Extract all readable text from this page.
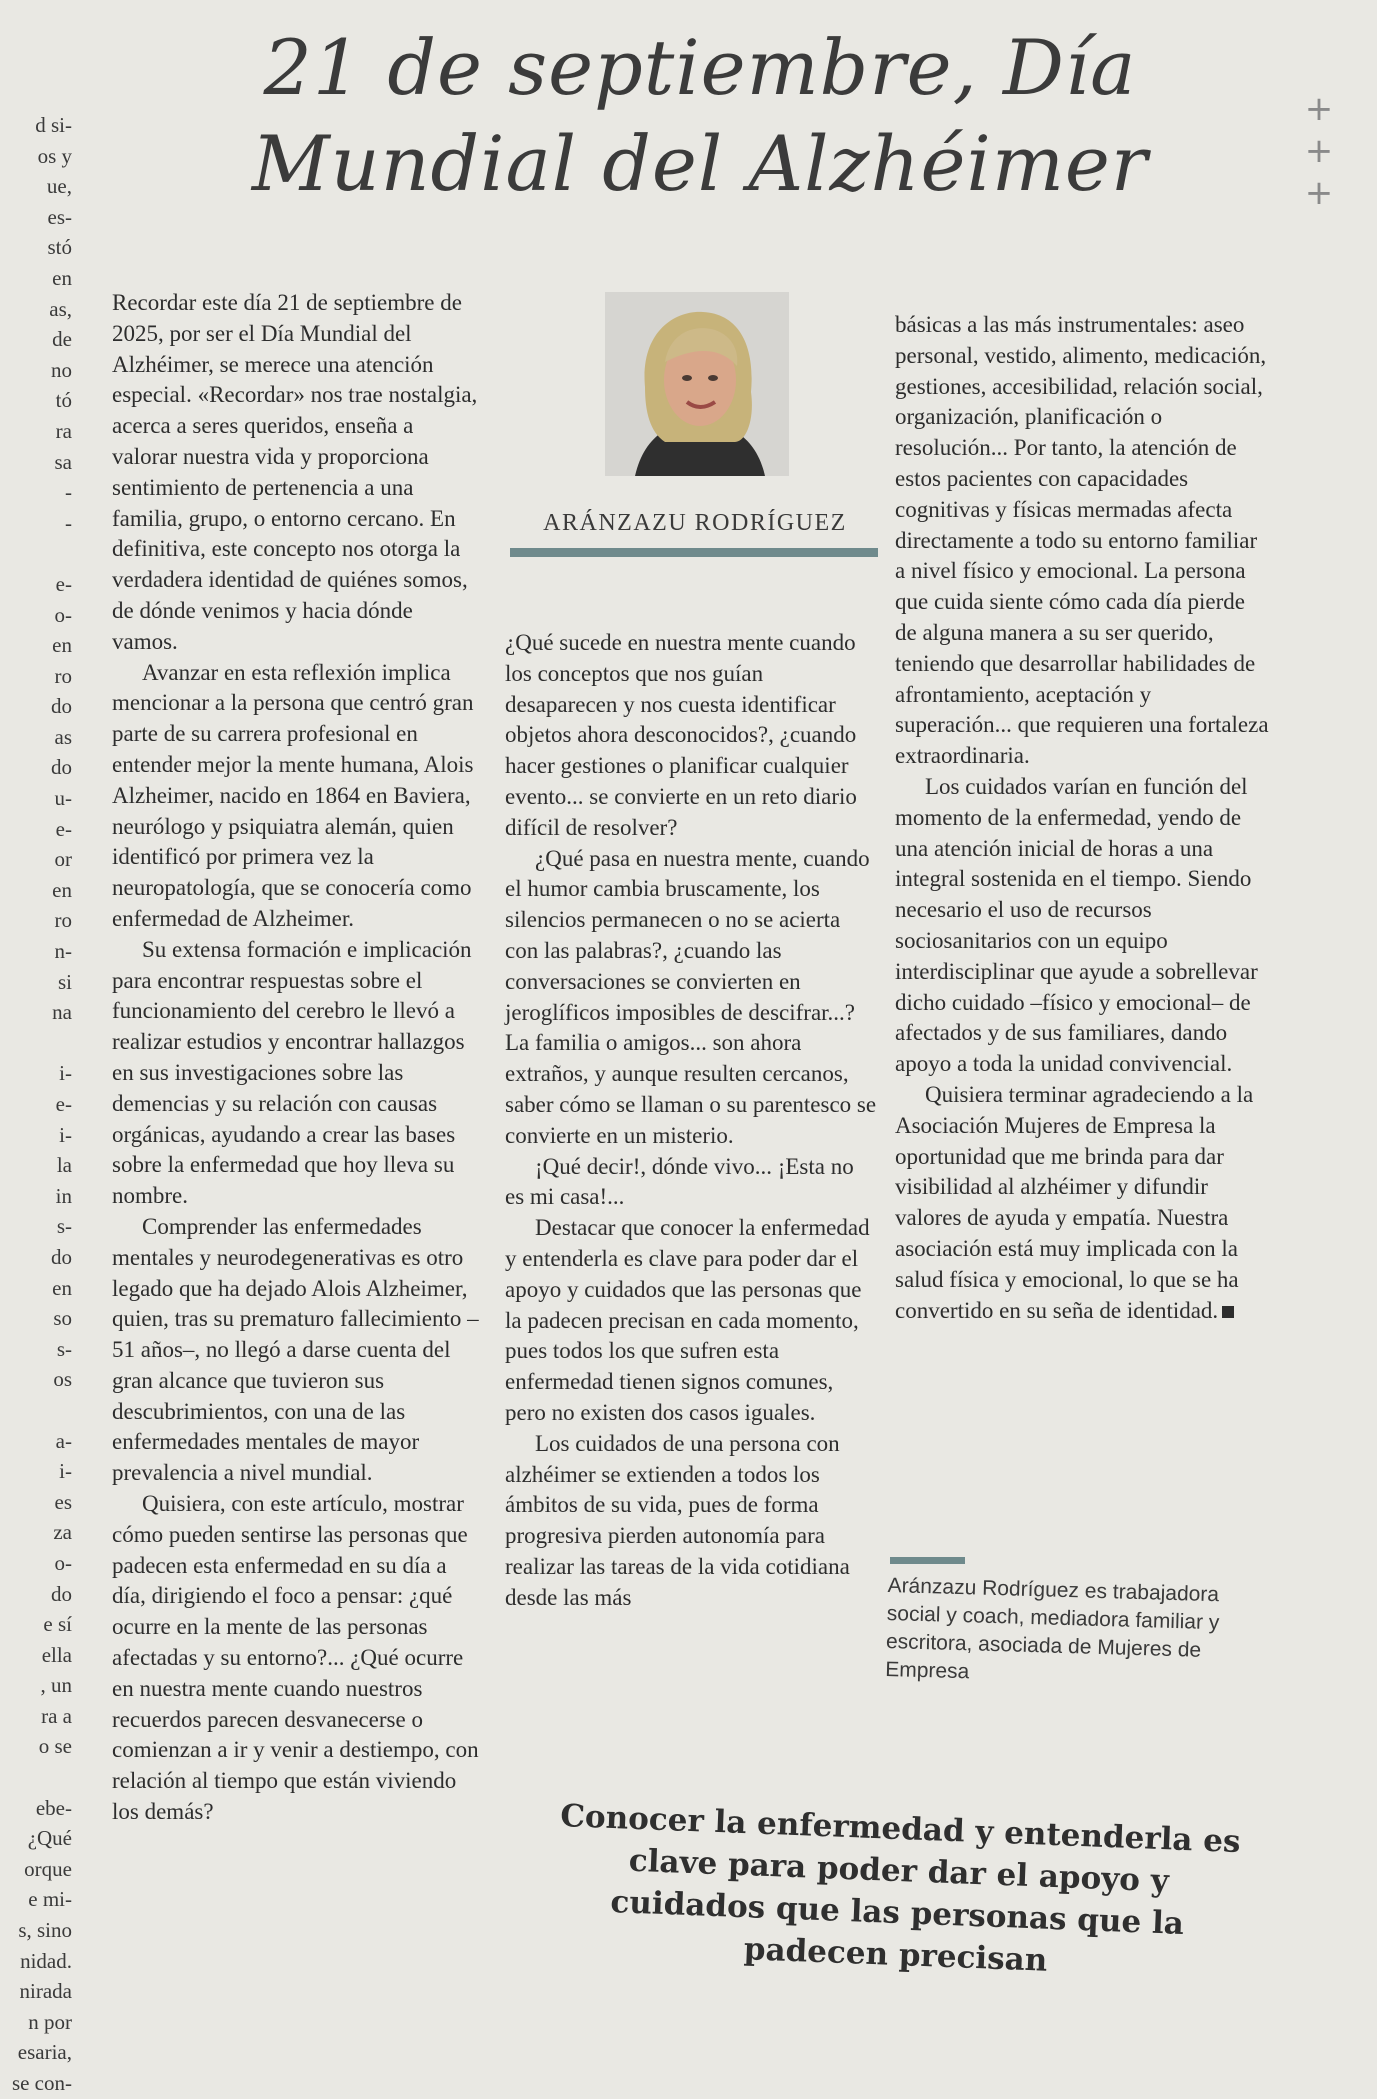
d si-
os y
ue,
es-
stó
en
as,
de
no
tó
ra
sa
-
-

e-
o-
en
ro
do
as
do
u-
e-
or
en
ro
n-
si
na

i-
e-
i-
la
in
s-
do
en
so
s-
os

a-
i-
es
za
o-
do
e sí
ella
, un
ra a
o se

ebe-
¿Qué
orque
e mi-
s, sino
nidad.
nirada
n por
esaria,
se con-
+
+
+
21 de septiembre, Día Mundial del Alzhéimer

Recordar este día 21 de septiembre de 2025, por ser el Día Mundial del Alzhéimer, se merece una atención especial. «Recordar» nos trae nostalgia, acerca a seres queridos, enseña a valorar nuestra vida y proporciona sentimiento de pertenencia a una familia, grupo, o entorno cercano. En definitiva, este concepto nos otorga la verdadera identidad de quiénes somos, de dónde venimos y hacia dónde vamos.

Avanzar en esta reflexión implica mencionar a la persona que centró gran parte de su carrera profesional en entender mejor la mente humana, Alois Alzheimer, nacido en 1864 en Baviera, neurólogo y psiquiatra alemán, quien identificó por primera vez la neuropatología, que se conocería como enfermedad de Alzheimer.

Su extensa formación e implicación para encontrar respuestas sobre el funcionamiento del cerebro le llevó a realizar estudios y encontrar hallazgos en sus investigaciones sobre las demencias y su relación con causas orgánicas, ayudando a crear las bases sobre la enfermedad que hoy lleva su nombre.

Comprender las enfermedades mentales y neurodegenerativas es otro legado que ha dejado Alois Alzheimer, quien, tras su prematuro fallecimiento –51 años–, no llegó a darse cuenta del gran alcance que tuvieron sus descubrimientos, con una de las enfermedades mentales de mayor prevalencia a nivel mundial.

Quisiera, con este artículo, mostrar cómo pueden sentirse las personas que padecen esta enfermedad en su día a día, dirigiendo el foco a pensar: ¿qué ocurre en la mente de las personas afectadas y su entorno?... ¿Qué ocurre en nuestra mente cuando nuestros recuerdos parecen desvanecerse o comienzan a ir y venir a destiempo, con relación al tiempo que están viviendo los demás?

ARÁNZAZU RODRÍGUEZ

¿Qué sucede en nuestra mente cuando los conceptos que nos guían desaparecen y nos cuesta identificar objetos ahora desconocidos?, ¿cuando hacer gestiones o planificar cualquier evento... se convierte en un reto diario difícil de resolver?

¿Qué pasa en nuestra mente, cuando el humor cambia bruscamente, los silencios permanecen o no se acierta con las palabras?, ¿cuando las conversaciones se convierten en jeroglíficos imposibles de descifrar...? La familia o amigos... son ahora extraños, y aunque resulten cercanos, saber cómo se llaman o su parentesco se convierte en un misterio.

¡Qué decir!, dónde vivo... ¡Esta no es mi casa!...

Destacar que conocer la enfermedad y entenderla es clave para poder dar el apoyo y cuidados que las personas que la padecen precisan en cada momento, pues todos los que sufren esta enfermedad tienen signos comunes, pero no existen dos casos iguales.

Los cuidados de una persona con alzhéimer se extienden a todos los ámbitos de su vida, pues de forma progresiva pierden autonomía para realizar las tareas de la vida cotidiana desde las más

básicas a las más instrumentales: aseo personal, vestido, alimento, medicación, gestiones, accesibilidad, relación social, organización, planificación o resolución... Por tanto, la atención de estos pacientes con capacidades cognitivas y físicas mermadas afecta directamente a todo su entorno familiar a nivel físico y emocional. La persona que cuida siente cómo cada día pierde de alguna manera a su ser querido, teniendo que desarrollar habilidades de afrontamiento, aceptación y superación... que requieren una fortaleza extraordinaria.

Los cuidados varían en función del momento de la enfermedad, yendo de una atención inicial de horas a una integral sostenida en el tiempo. Siendo necesario el uso de recursos sociosanitarios con un equipo interdisciplinar que ayude a sobrellevar dicho cuidado –físico y emocional– de afectados y de sus familiares, dando apoyo a toda la unidad convivencial.

Quisiera terminar agradeciendo a la Asociación Mujeres de Empresa la oportunidad que me brinda para dar visibilidad al alzhéimer y difundir valores de ayuda y empatía. Nuestra asociación está muy implicada con la salud física y emocional, lo que se ha convertido en su seña de identidad.

Aránzazu Rodríguez es trabajadora social y coach, mediadora familiar y escritora, asociada de Mujeres de Empresa
Conocer la enfermedad y entenderla es clave para poder dar el apoyo y cuidados que las personas que la padecen precisan
